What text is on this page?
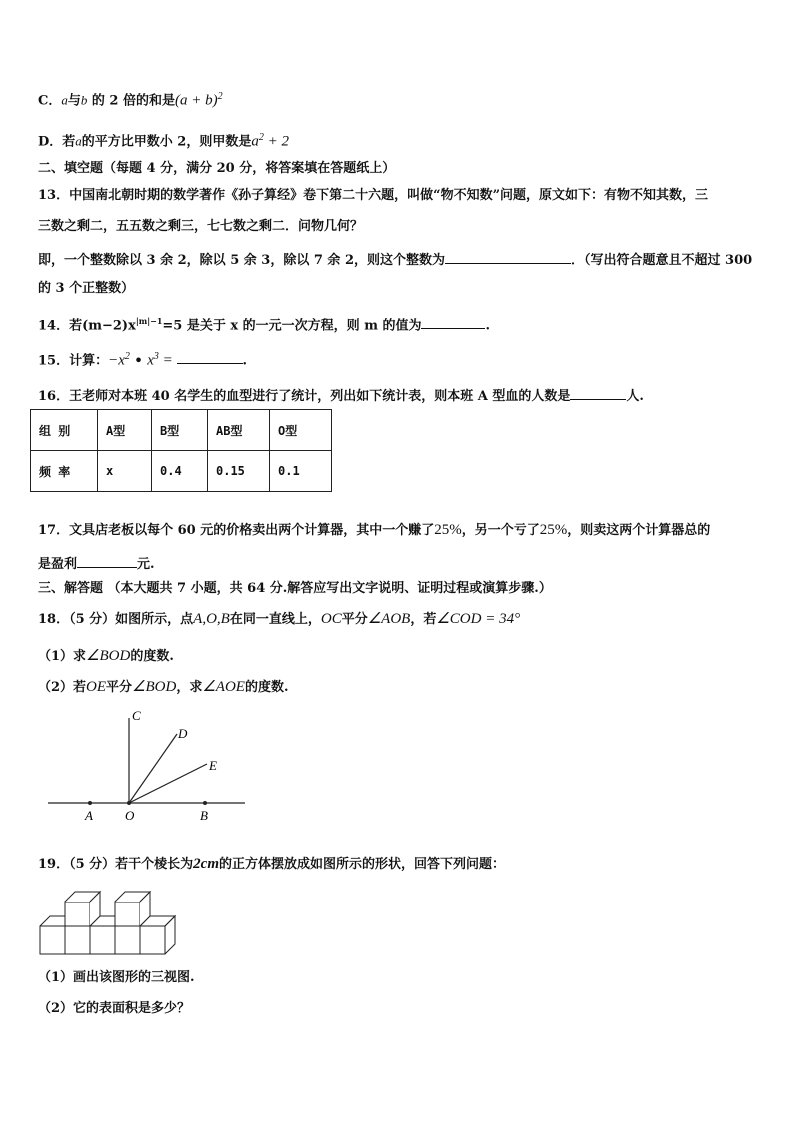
C．a与b 的 2 倍的和是$(a + b)^2$
D．若a的平方比甲数小 2，则甲数是$a^2 + 2$
二、填空题（每题 4 分，满分 20 分，将答案填在答题纸上）
13．中国南北朝时期的数学著作《孙子算经》卷下第二十六题，叫做“物不知数”问题，原文如下：有物不知其数，三
三数之剩二，五五数之剩三，七七数之剩二．问物几何？
即，一个整数除以 3 余 2，除以 5 余 3，除以 7 余 2，则这个整数为	．（写出符合题意且不超过 300
的 3 个正整数）
14．若$(m-2)x^{|m|-1}=5$ 是关于 x 的一元一次方程，则 m 的值为	.
15．计算：$-x^2$ • $x^3$ =	.
16．王老师对本班 40 名学生的血型进行了统计，列出如下统计表，则本班 A 型血的人数是	人.
组 别	A型	B型	AB型	O型
频 率	x	0.4	0.15	0.1
17．文具店老板以每个 60 元的价格卖出两个计算器，其中一个赚了25%，另一个亏了25%，则卖这两个计算器总的
是盈利	元.
三、解答题 （本大题共 7 小题，共 64 分.解答应写出文字说明、证明过程或演算步骤.）
18．（5 分）如图所示，点A,O,B在同一直线上，OC平分∠AOB，若∠COD = 34°
（1）求∠BOD的度数.
（2）若OE平分∠BOD，求∠AOE的度数.
C
D
E
A O	B
19．（5 分）若干个棱长为2cm的正方体摆放成如图所示的形状，回答下列问题：
（1）画出该图形的三视图.
（2）它的表面积是多少？
